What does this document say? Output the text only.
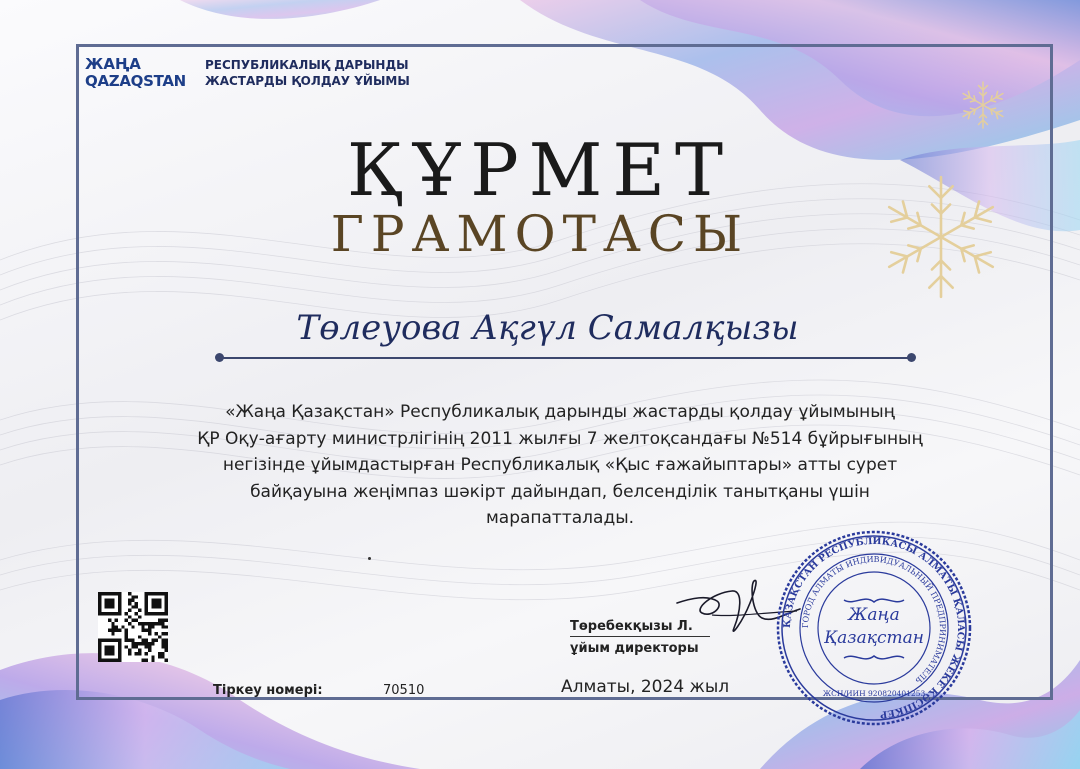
ЖАҢА
QAZAQSTAN
РЕСПУБЛИКАЛЫҚ ДАРЫНДЫ
ЖАСТАРДЫ ҚОЛДАУ ҰЙЫМЫ
ҚҰРМЕТ
ГРАМОТАСЫ
Төлеуова Ақгүл Самалқызы
«Жаңа Қазақстан» Республикалық дарынды жастарды қолдау ұйымының
ҚР Оқу-ағарту министрлігінің 2011 жылғы 7 желтоқсандағы №514 бұйрығының
негізінде ұйымдастырған Республикалық «Қыс ғажайыптары» атты сурет
байқауына жеңімпаз шәкірт дайындап, белсенділік танытқаны үшін
марапатталады.
Тіркеу номері:	70510
Төребекқызы Л.
ұйым директоры
Алматы, 2024 жыл
ҚАЗАҚСТАН РЕСПУБЛИКАСЫ АЛМАТЫ ҚАЛАСЫ ЖЕКЕ КӘСІПКЕР
ГОРОД АЛМАТЫ ИНДИВИДУАЛЬНЫЙ ПРЕДПРИНИМАТЕЛЬ
Жаңа
Қазақстан
ЖСН/ИИН 920820401253
